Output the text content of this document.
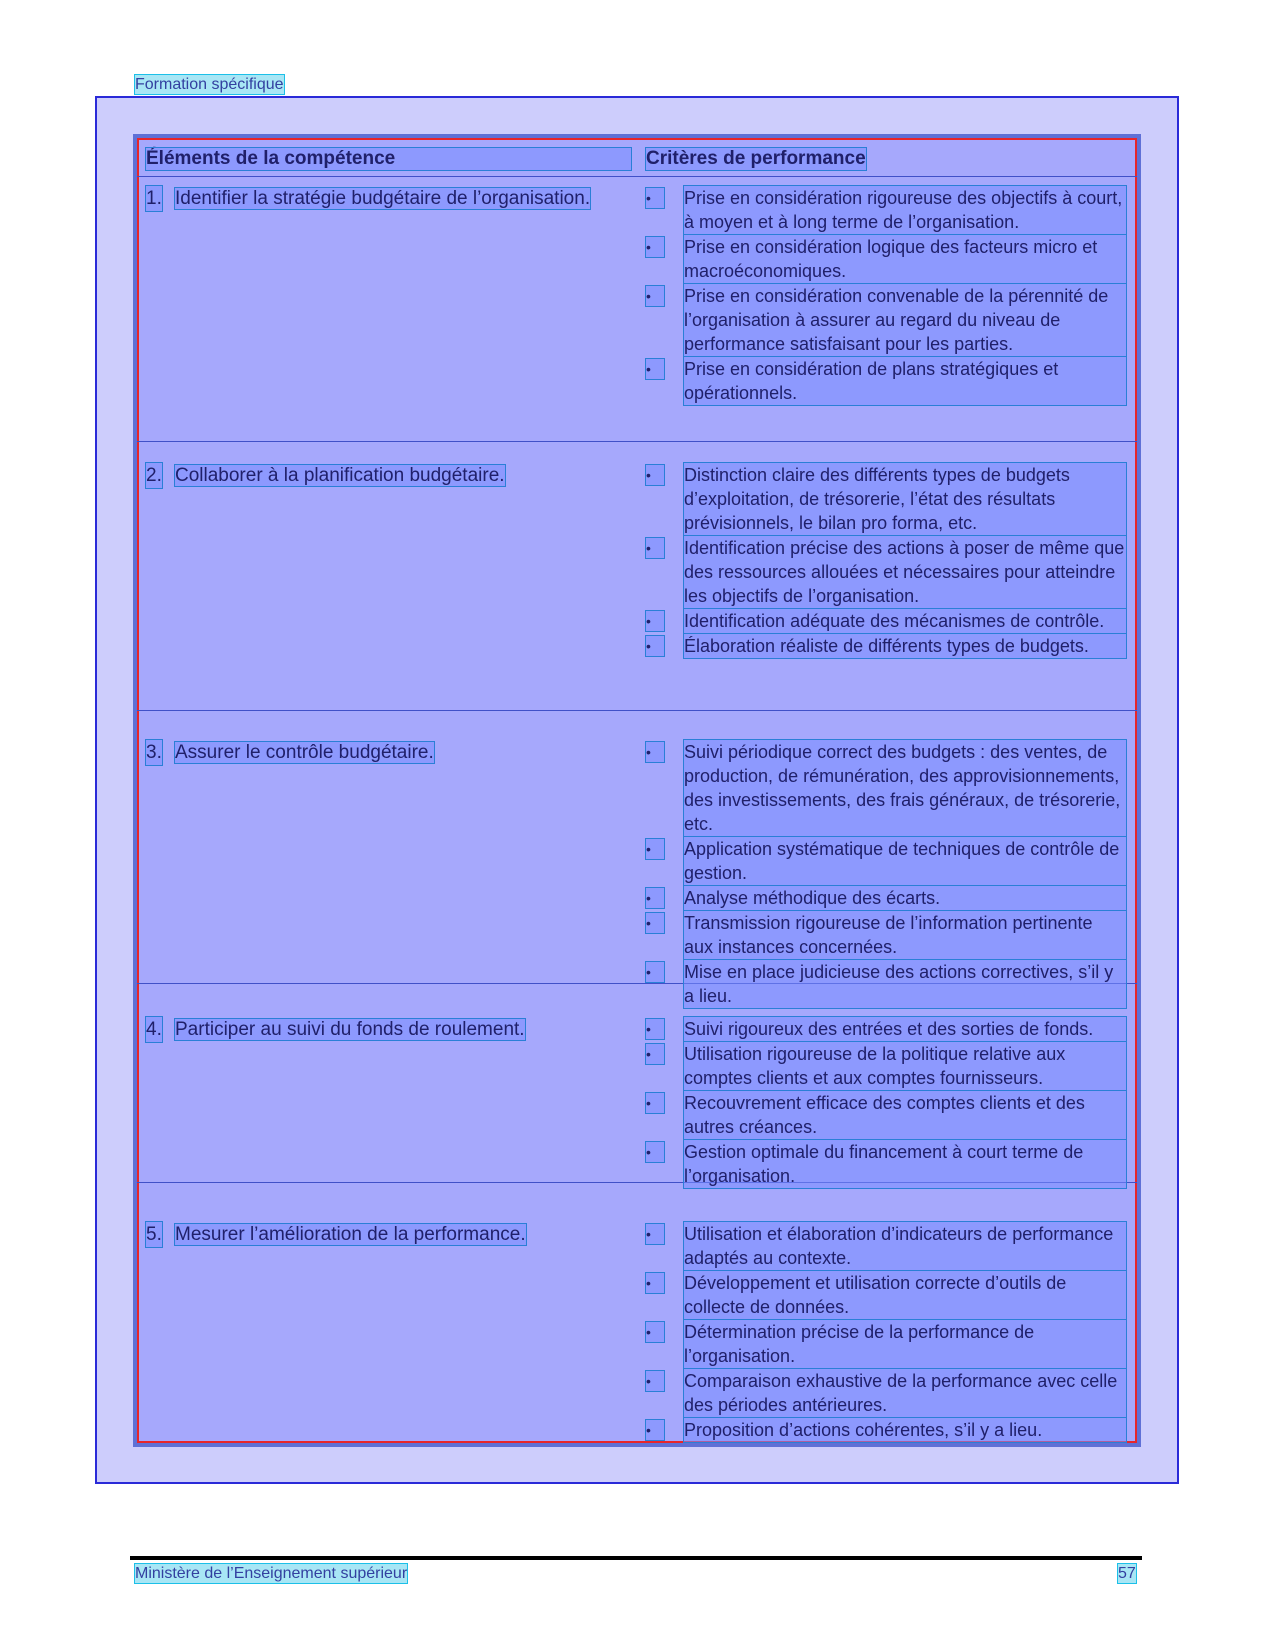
Formation spécifique
Éléments de la compétence	Critères de performance
1. Identifier la stratégie budgétaire de l’organisation.	•	Prise en considération rigoureuse des objectifs à court, à moyen et à long terme de l’organisation.
•	Prise en considération logique des facteurs micro et macroéconomiques.
•	Prise en considération convenable de la pérennité de l’organisation à assurer au regard du niveau de performance satisfaisant pour les parties.
•	Prise en considération de plans stratégiques et opérationnels.
2. Collaborer à la planification budgétaire.	•	Distinction claire des différents types de budgets d’exploitation, de trésorerie, l’état des résultats prévisionnels, le bilan pro forma, etc.
•	Identification précise des actions à poser de même que des ressources allouées et nécessaires pour atteindre les objectifs de l’organisation.
•	Identification adéquate des mécanismes de contrôle.
•	Élaboration réaliste de différents types de budgets.
3. Assurer le contrôle budgétaire.	•	Suivi périodique correct des budgets : des ventes, de production, de rémunération, des approvisionnements, des investissements, des frais généraux, de trésorerie, etc.
•	Application systématique de techniques de contrôle de gestion.
•	Analyse méthodique des écarts.
•	Transmission rigoureuse de l’information pertinente aux instances concernées.
•	Mise en place judicieuse des actions correctives, s’il y a lieu.
4. Participer au suivi du fonds de roulement.	•	Suivi rigoureux des entrées et des sorties de fonds.
•	Utilisation rigoureuse de la politique relative aux comptes clients et aux comptes fournisseurs.
•	Recouvrement efficace des comptes clients et des autres créances.
•	Gestion optimale du financement à court terme de l’organisation.
5. Mesurer l’amélioration de la performance.	•	Utilisation et élaboration d’indicateurs de performance adaptés au contexte.
•	Développement et utilisation correcte d’outils de collecte de données.
•	Détermination précise de la performance de l’organisation.
•	Comparaison exhaustive de la performance avec celle des périodes antérieures.
•	Proposition d’actions cohérentes, s’il y a lieu.
Ministère de l’Enseignement supérieur	57
